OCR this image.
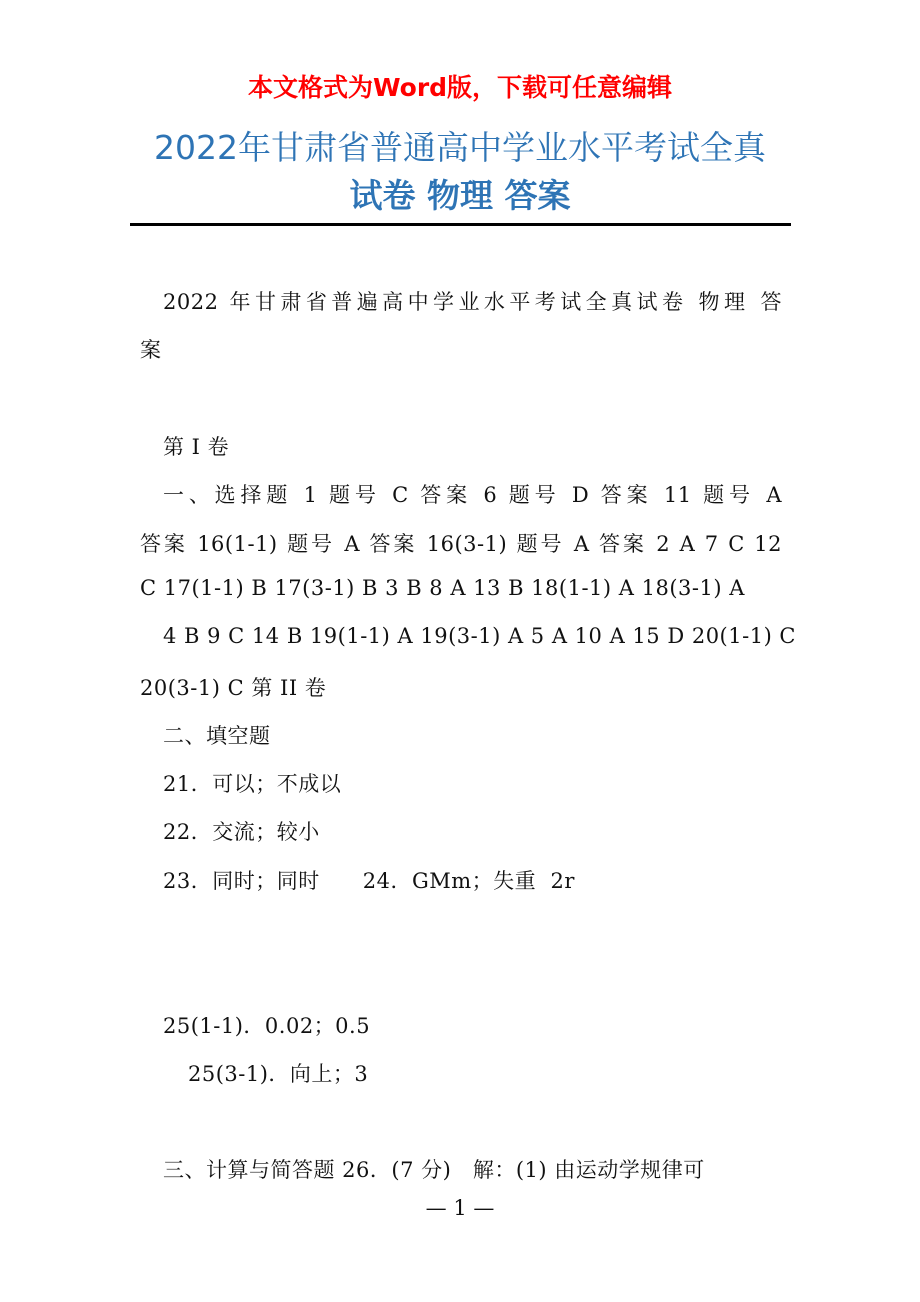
本文格式为Word版，下载可任意编辑
2022年甘肃省普通高中学业水平考试全真
试卷 物理 答案
2022 年甘肃省普遍高中学业水平考试全真试卷 物理 答
案
第 I 卷
一、选择题 1 题号 C 答案 6 题号 D 答案 11 题号 A
答案 16(1-1) 题号 A 答案 16(3-1) 题号 A 答案 2 A 7 C 12
C 17(1-1) B 17(3-1) B 3 B 8 A 13 B 18(1-1) A 18(3-1) A
4 B 9 C 14 B 19(1-1) A 19(3-1) A 5 A 10 A 15 D 20(1-1) C
20(3-1) C 第 II 卷
二、填空题
21．可以；不成以
22．交流；较小
23．同时；同时      24．GMm；失重  2r
25(1-1)．0.02；0.5
25(3-1)．向上；3
三、计算与简答题 26．(7 分)   解：(1) 由运动学规律可
— 1 —
